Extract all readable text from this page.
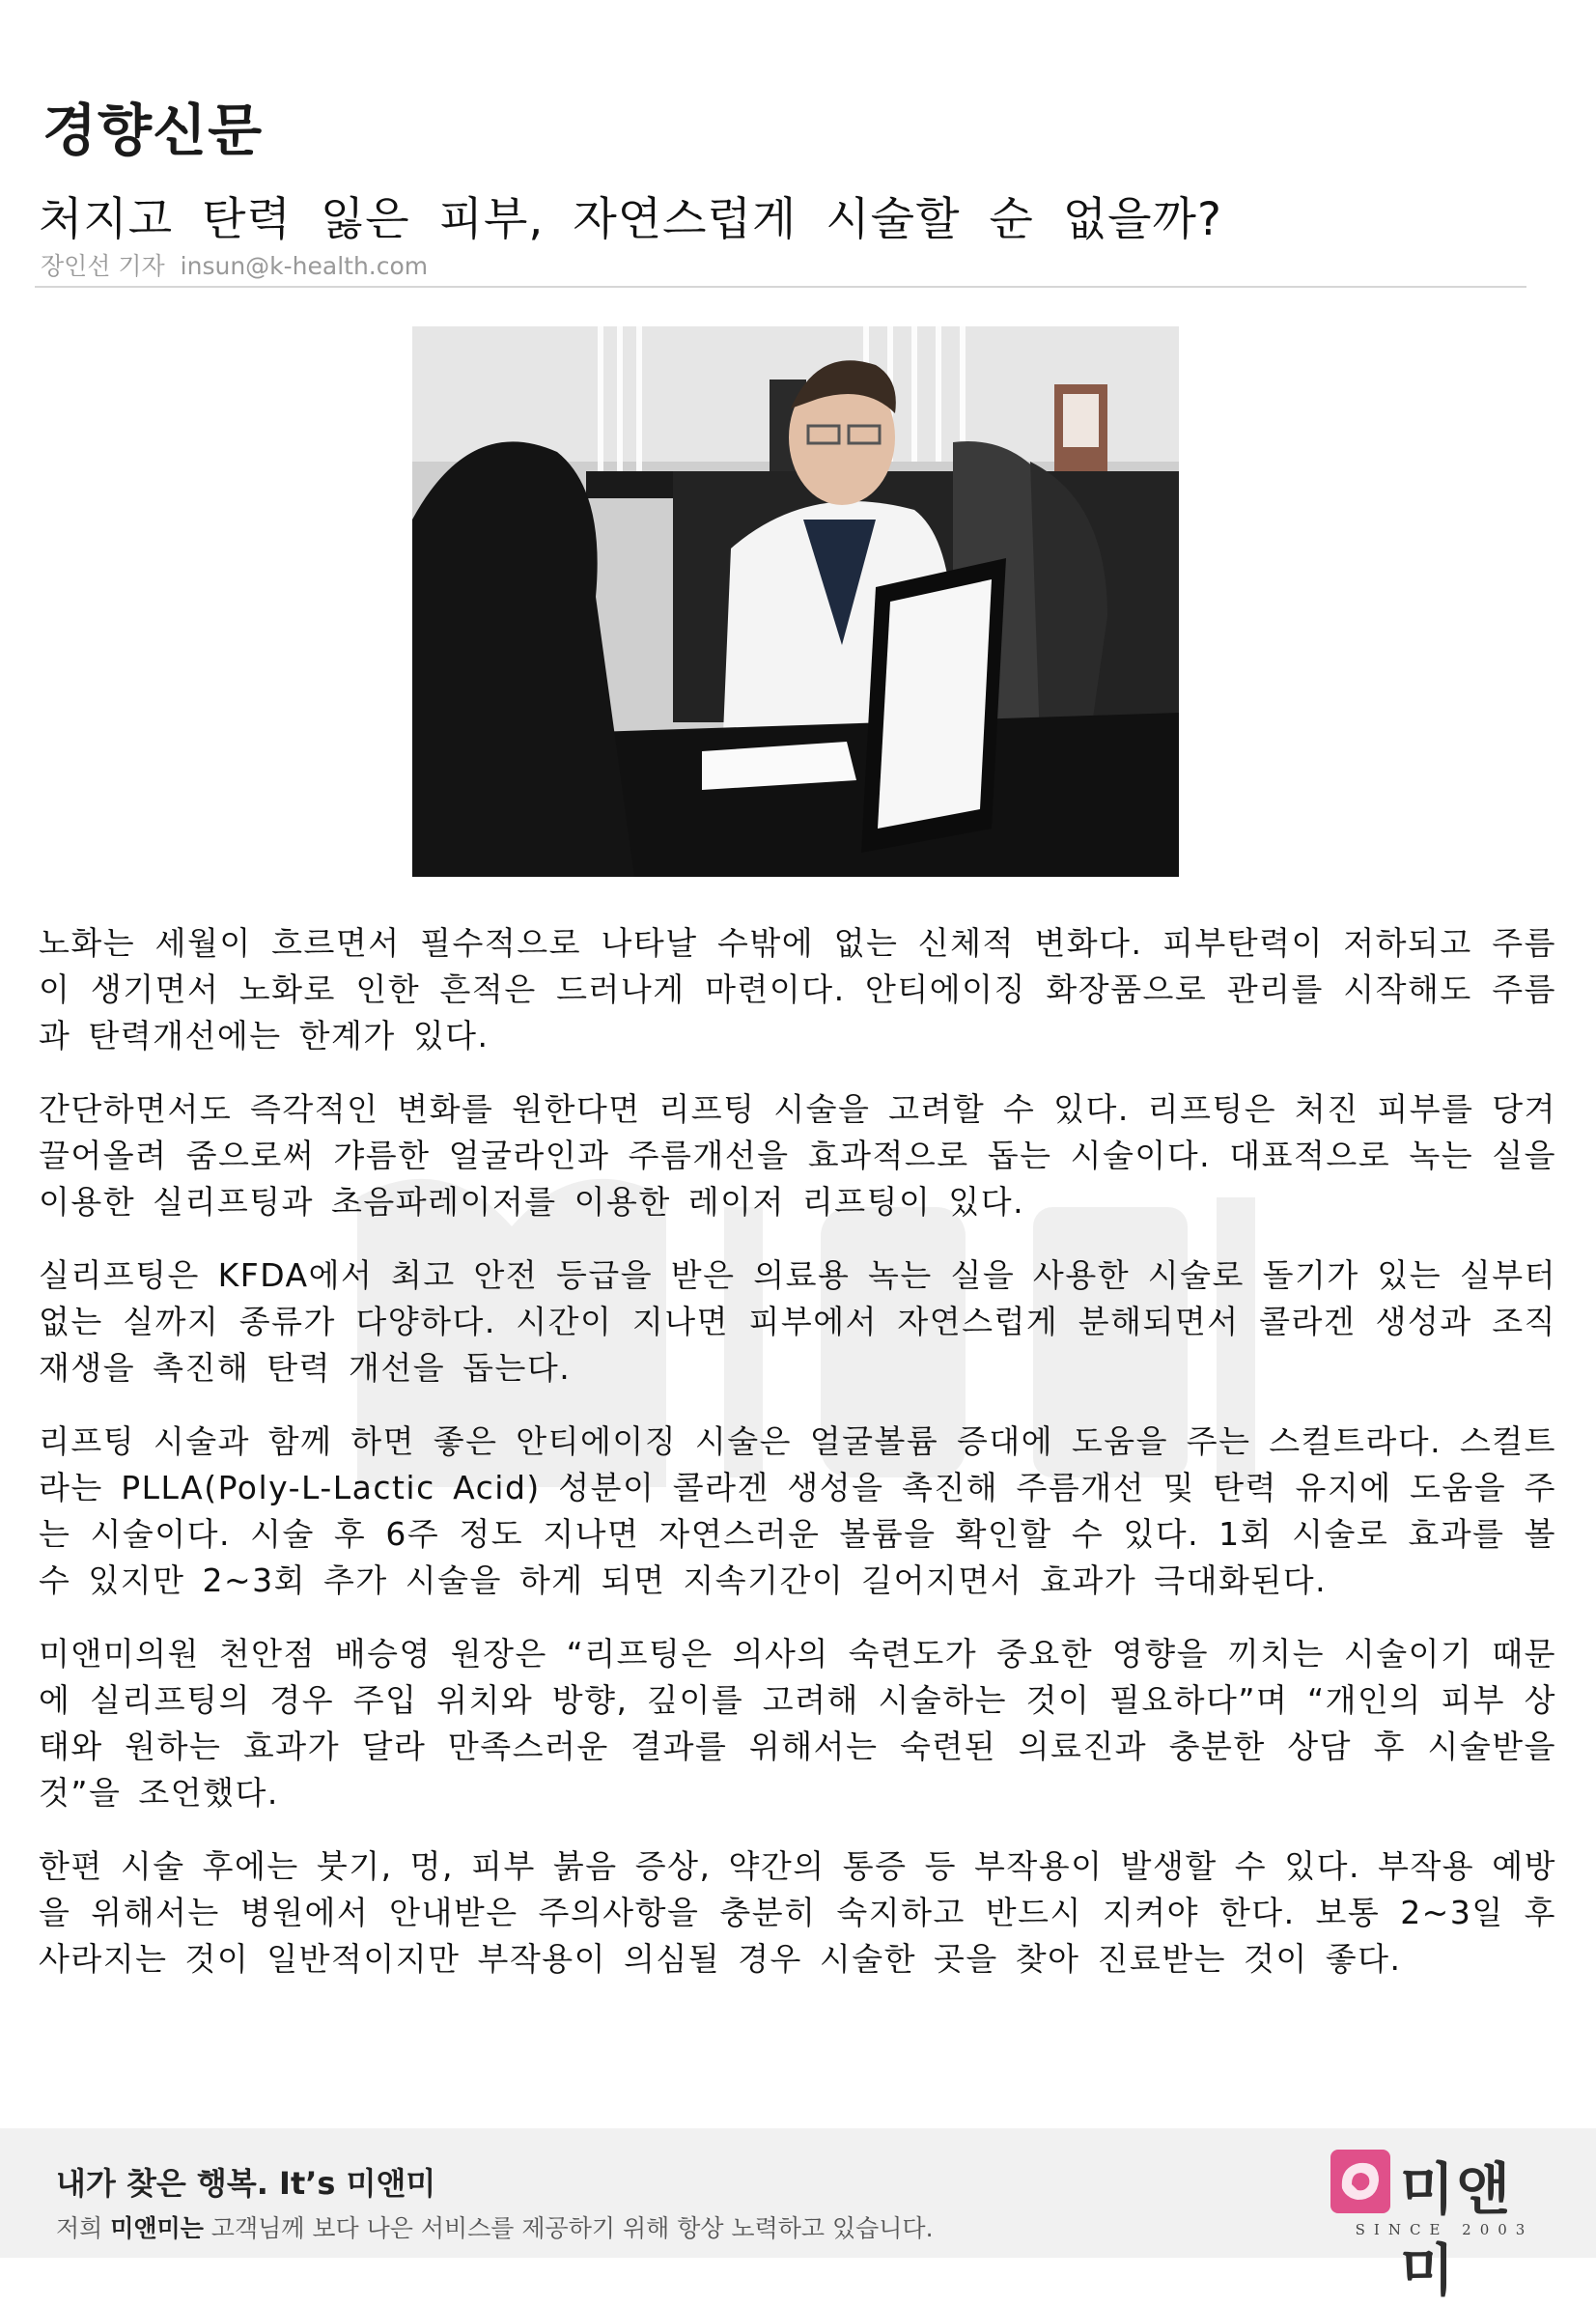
경향신문
처지고 탄력 잃은 피부, 자연스럽게 시술할 순 없을까?
장인선 기자 insun@k-health.com

노화는 세월이 흐르면서 필수적으로 나타날 수밖에 없는 신체적 변화다. 피부탄력이 저하되고 주름이 생기면서 노화로 인한 흔적은 드러나게 마련이다. 안티에이징 화장품으로 관리를 시작해도 주름과 탄력개선에는 한계가 있다.

간단하면서도 즉각적인 변화를 원한다면 리프팅 시술을 고려할 수 있다. 리프팅은 처진 피부를 당겨 끌어올려 줌으로써 갸름한 얼굴라인과 주름개선을 효과적으로 돕는 시술이다. 대표적으로 녹는 실을 이용한 실리프팅과 초음파레이저를 이용한 레이저 리프팅이 있다.

실리프팅은 KFDA에서 최고 안전 등급을 받은 의료용 녹는 실을 사용한 시술로 돌기가 있는 실부터 없는 실까지 종류가 다양하다. 시간이 지나면 피부에서 자연스럽게 분해되면서 콜라겐 생성과 조직재생을 촉진해 탄력 개선을 돕는다.

리프팅 시술과 함께 하면 좋은 안티에이징 시술은 얼굴볼륨 증대에 도움을 주는 스컬트라다. 스컬트라는 PLLA(Poly-L-Lactic Acid) 성분이 콜라겐 생성을 촉진해 주름개선 및 탄력 유지에 도움을 주는 시술이다. 시술 후 6주 정도 지나면 자연스러운 볼륨을 확인할 수 있다. 1회 시술로 효과를 볼 수 있지만 2~3회 추가 시술을 하게 되면 지속기간이 길어지면서 효과가 극대화된다.

미앤미의원 천안점 배승영 원장은 “리프팅은 의사의 숙련도가 중요한 영향을 끼치는 시술이기 때문에 실리프팅의 경우 주입 위치와 방향, 깊이를 고려해 시술하는 것이 필요하다”며 “개인의 피부 상태와 원하는 효과가 달라 만족스러운 결과를 위해서는 숙련된 의료진과 충분한 상담 후 시술받을 것”을 조언했다.

한편 시술 후에는 붓기, 멍, 피부 붉음 증상, 약간의 통증 등 부작용이 발생할 수 있다. 부작용 예방을 위해서는 병원에서 안내받은 주의사항을 충분히 숙지하고 반드시 지켜야 한다. 보통 2~3일 후 사라지는 것이 일반적이지만 부작용이 의심될 경우 시술한 곳을 찾아 진료받는 것이 좋다.

내가 찾은 행복. It’s 미앤미
저희 미앤미는 고객님께 보다 나은 서비스를 제공하기 위해 항상 노력하고 있습니다.
미앤미
SINCE 2003
